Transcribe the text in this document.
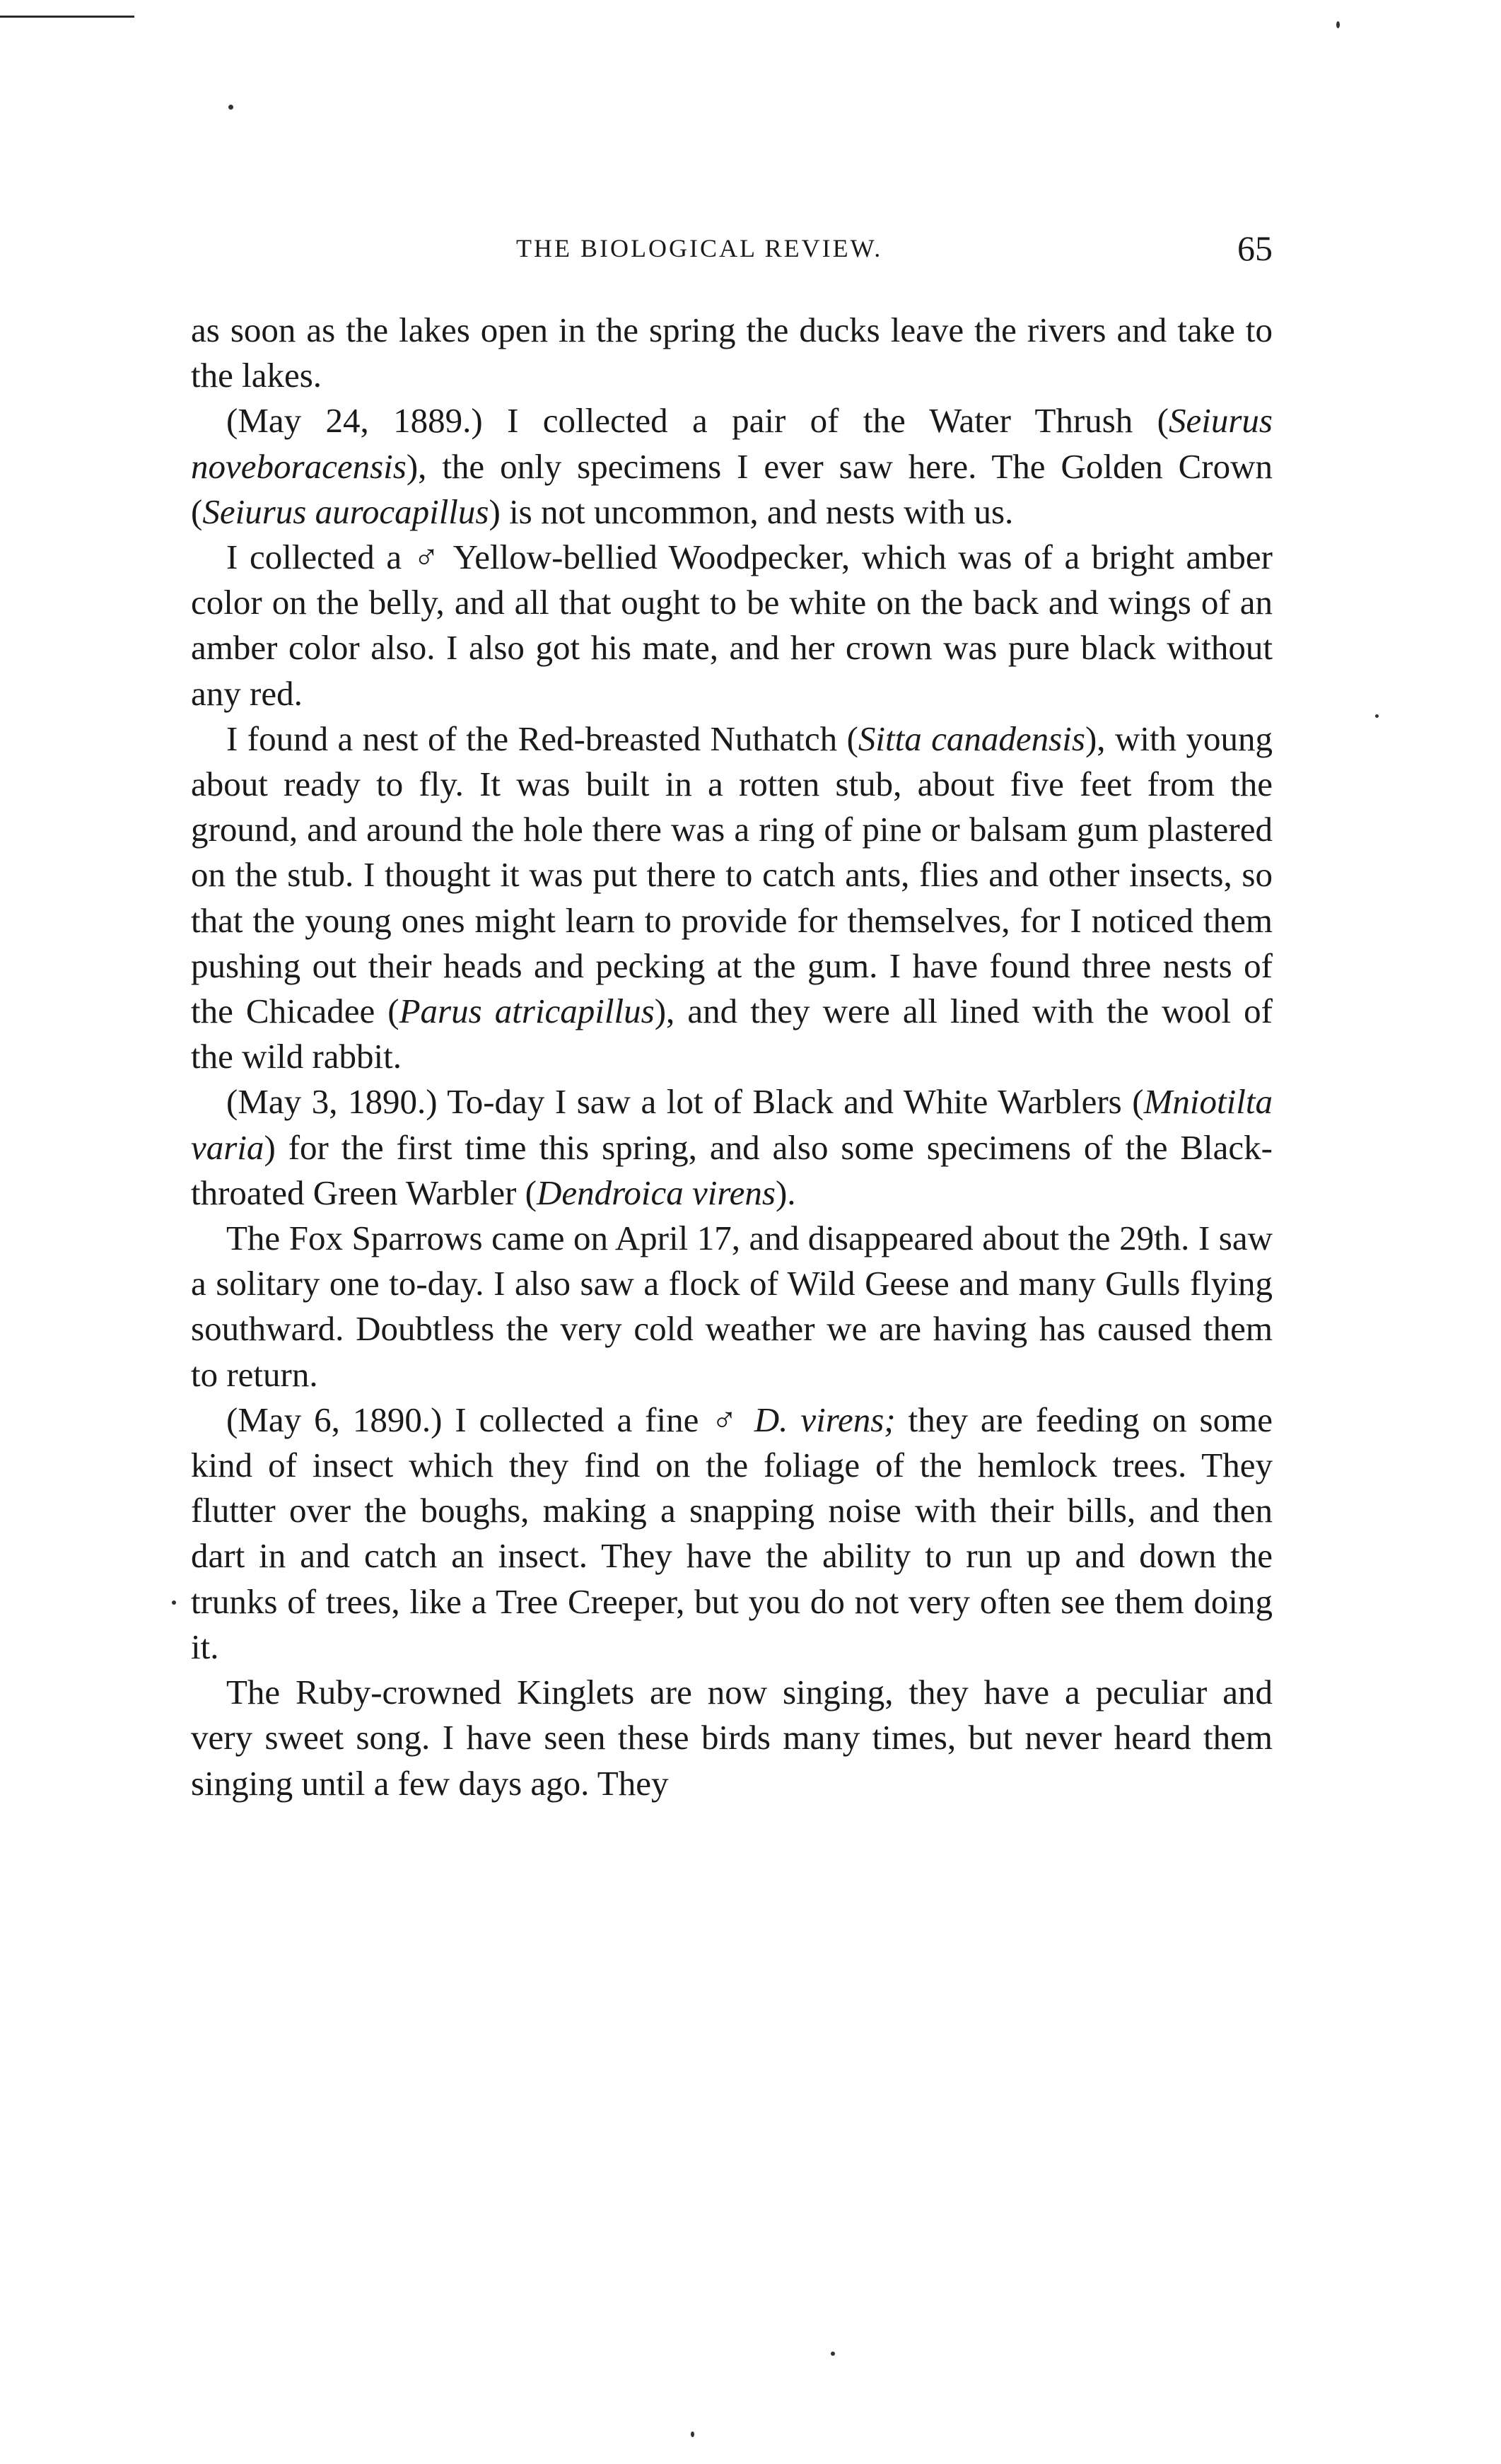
THE BIOLOGICAL REVIEW.	65

as soon as the lakes open in the spring the ducks leave the rivers and take to the lakes.

(May 24, 1889.) I collected a pair of the Water Thrush (Seiurus noveboracensis), the only specimens I ever saw here. The Golden Crown (Seiurus aurocapillus) is not uncommon, and nests with us.

I collected a ♂ Yellow-bellied Woodpecker, which was of a bright amber color on the belly, and all that ought to be white on the back and wings of an amber color also. I also got his mate, and her crown was pure black without any red.

I found a nest of the Red-breasted Nuthatch (Sitta canadensis), with young about ready to fly. It was built in a rotten stub, about five feet from the ground, and around the hole there was a ring of pine or balsam gum plastered on the stub. I thought it was put there to catch ants, flies and other insects, so that the young ones might learn to provide for themselves, for I noticed them pushing out their heads and pecking at the gum. I have found three nests of the Chicadee (Parus atricapillus), and they were all lined with the wool of the wild rabbit.

(May 3, 1890.) To-day I saw a lot of Black and White Warblers (Mniotilta varia) for the first time this spring, and also some specimens of the Black-throated Green Warbler (Dendroica virens).

The Fox Sparrows came on April 17, and disappeared about the 29th. I saw a solitary one to-day. I also saw a flock of Wild Geese and many Gulls flying southward. Doubtless the very cold weather we are having has caused them to return.

(May 6, 1890.) I collected a fine ♂ D. virens; they are feeding on some kind of insect which they find on the foliage of the hemlock trees. They flutter over the boughs, making a snapping noise with their bills, and then dart in and catch an insect. They have the ability to run up and down the trunks of trees, like a Tree Creeper, but you do not very often see them doing it.

The Ruby-crowned Kinglets are now singing, they have a peculiar and very sweet song. I have seen these birds many times, but never heard them singing until a few days ago. They
